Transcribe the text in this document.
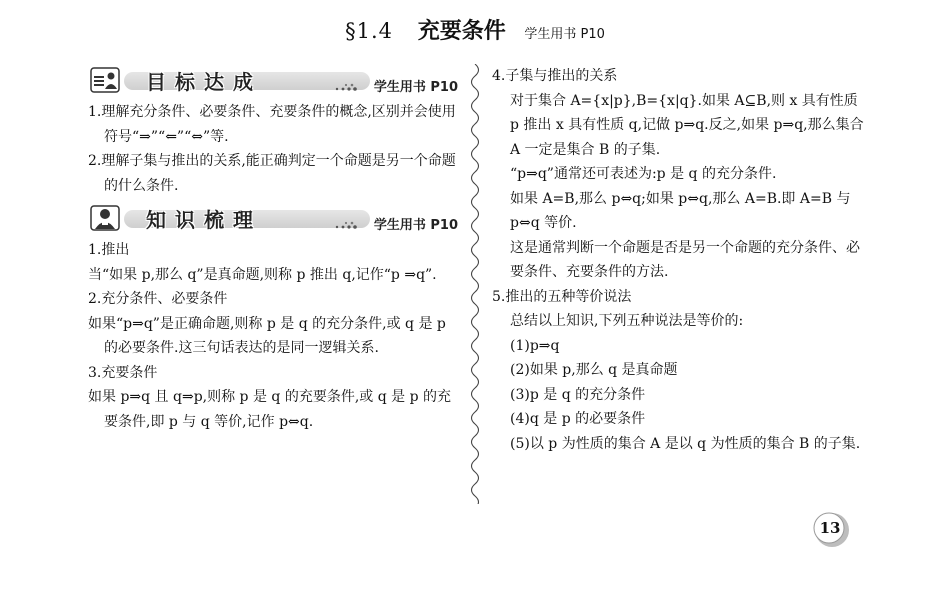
§1.4 充要条件 学生用书 P10
目标达成	学生用书 P10

1.理解充分条件、必要条件、充要条件的概念,区别并会使用符号“⇒”“⇐”“⇔”等.

2.理解子集与推出的关系,能正确判定一个命题是另一个命题的什么条件.

知识梳理	学生用书 P10

1.推出

当“如果 p,那么 q”是真命题,则称 p 推出 q,记作“p ⇒q”.

2.充分条件、必要条件

如果“p⇒q”是正确命题,则称 p 是 q 的充分条件,或 q 是 p 的必要条件.这三句话表达的是同一逻辑关系.

3.充要条件

如果 p⇒q 且 q⇒p,则称 p 是 q 的充要条件,或 q 是 p 的充要条件,即 p 与 q 等价,记作 p⇔q.

4.子集与推出的关系

对于集合 A={x|p},B={x|q}.如果 A⊆B,则 x 具有性质 p 推出 x 具有性质 q,记做 p⇒q.反之,如果 p⇒q,那么集合 A 一定是集合 B 的子集.

“p⇒q”通常还可表述为:p 是 q 的充分条件.

如果 A=B,那么 p⇔q;如果 p⇔q,那么 A=B.即 A=B 与 p⇔q 等价.

这是通常判断一个命题是否是另一个命题的充分条件、必要条件、充要条件的方法.

5.推出的五种等价说法

总结以上知识,下列五种说法是等价的:

(1)p⇒q

(2)如果 p,那么 q 是真命题

(3)p 是 q 的充分条件

(4)q 是 p 的必要条件

(5)以 p 为性质的集合 A 是以 q 为性质的集合 B 的子集.

13
